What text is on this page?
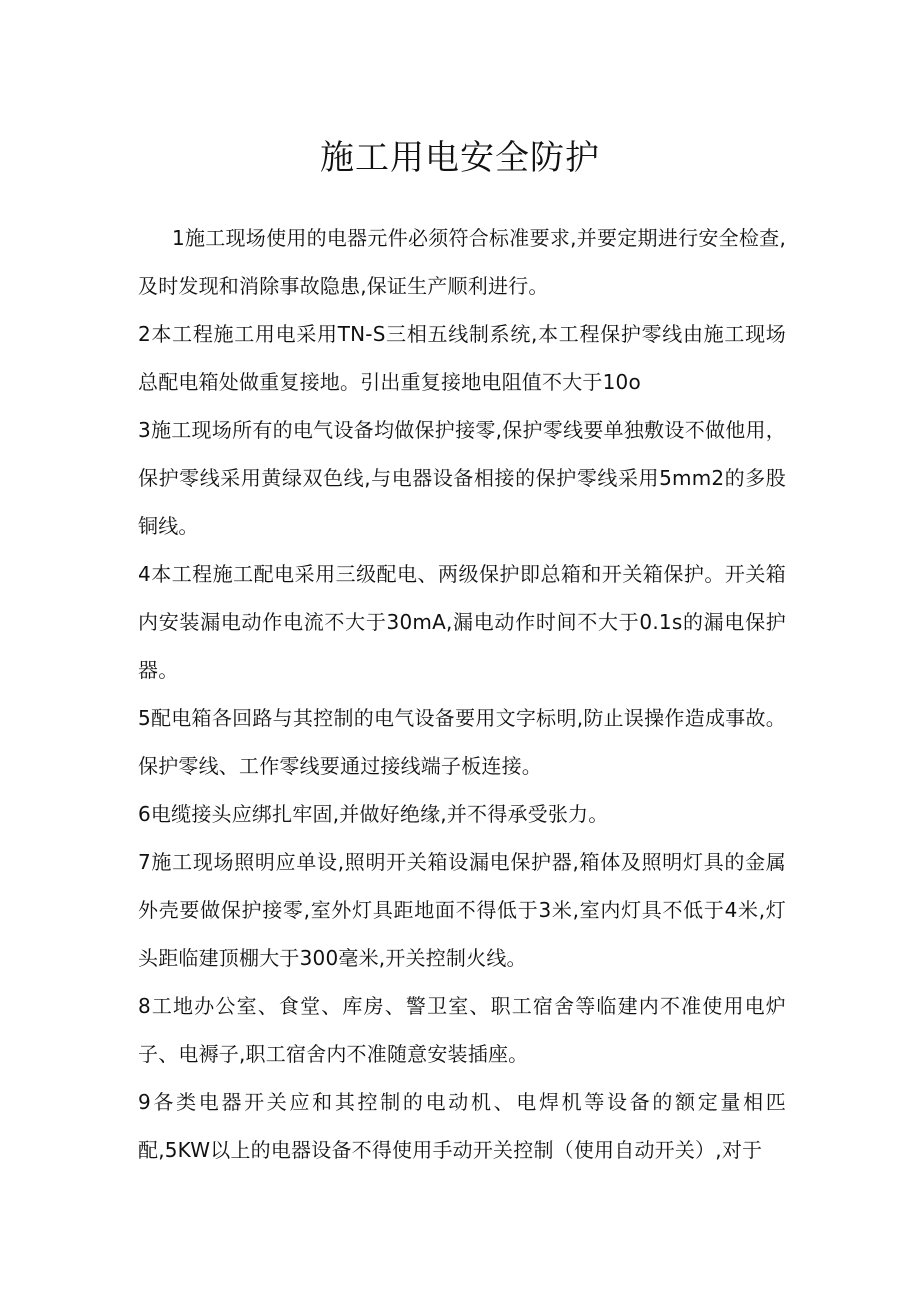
施工用电安全防护

1施工现场使用的电器元件必须符合标准要求,并要定期进行安全检查,及时发现和消除事故隐患,保证生产顺利进行。

2本工程施工用电采用TN-S三相五线制系统,本工程保护零线由施工现场总配电箱处做重复接地。引出重复接地电阻值不大于10o

3施工现场所有的电气设备均做保护接零,保护零线要单独敷设不做他用，保护零线采用黄绿双色线,与电器设备相接的保护零线采用5mm2的多股铜线。

4本工程施工配电采用三级配电、两级保护即总箱和开关箱保护。开关箱内安装漏电动作电流不大于30mA,漏电动作时间不大于0.1s的漏电保护器。

5配电箱各回路与其控制的电气设备要用文字标明,防止误操作造成事故。保护零线、工作零线要通过接线端子板连接。

6电缆接头应绑扎牢固,并做好绝缘,并不得承受张力。

7施工现场照明应单设,照明开关箱设漏电保护器,箱体及照明灯具的金属外壳要做保护接零,室外灯具距地面不得低于3米,室内灯具不低于4米,灯头距临建顶棚大于300毫米,开关控制火线。

8工地办公室、食堂、库房、警卫室、职工宿舍等临建内不准使用电炉子、电褥子,职工宿舍内不准随意安装插座。

9各类电器开关应和其控制的电动机、电焊机等设备的额定量相匹配,5KW以上的电器设备不得使用手动开关控制（使用自动开关）,对于
